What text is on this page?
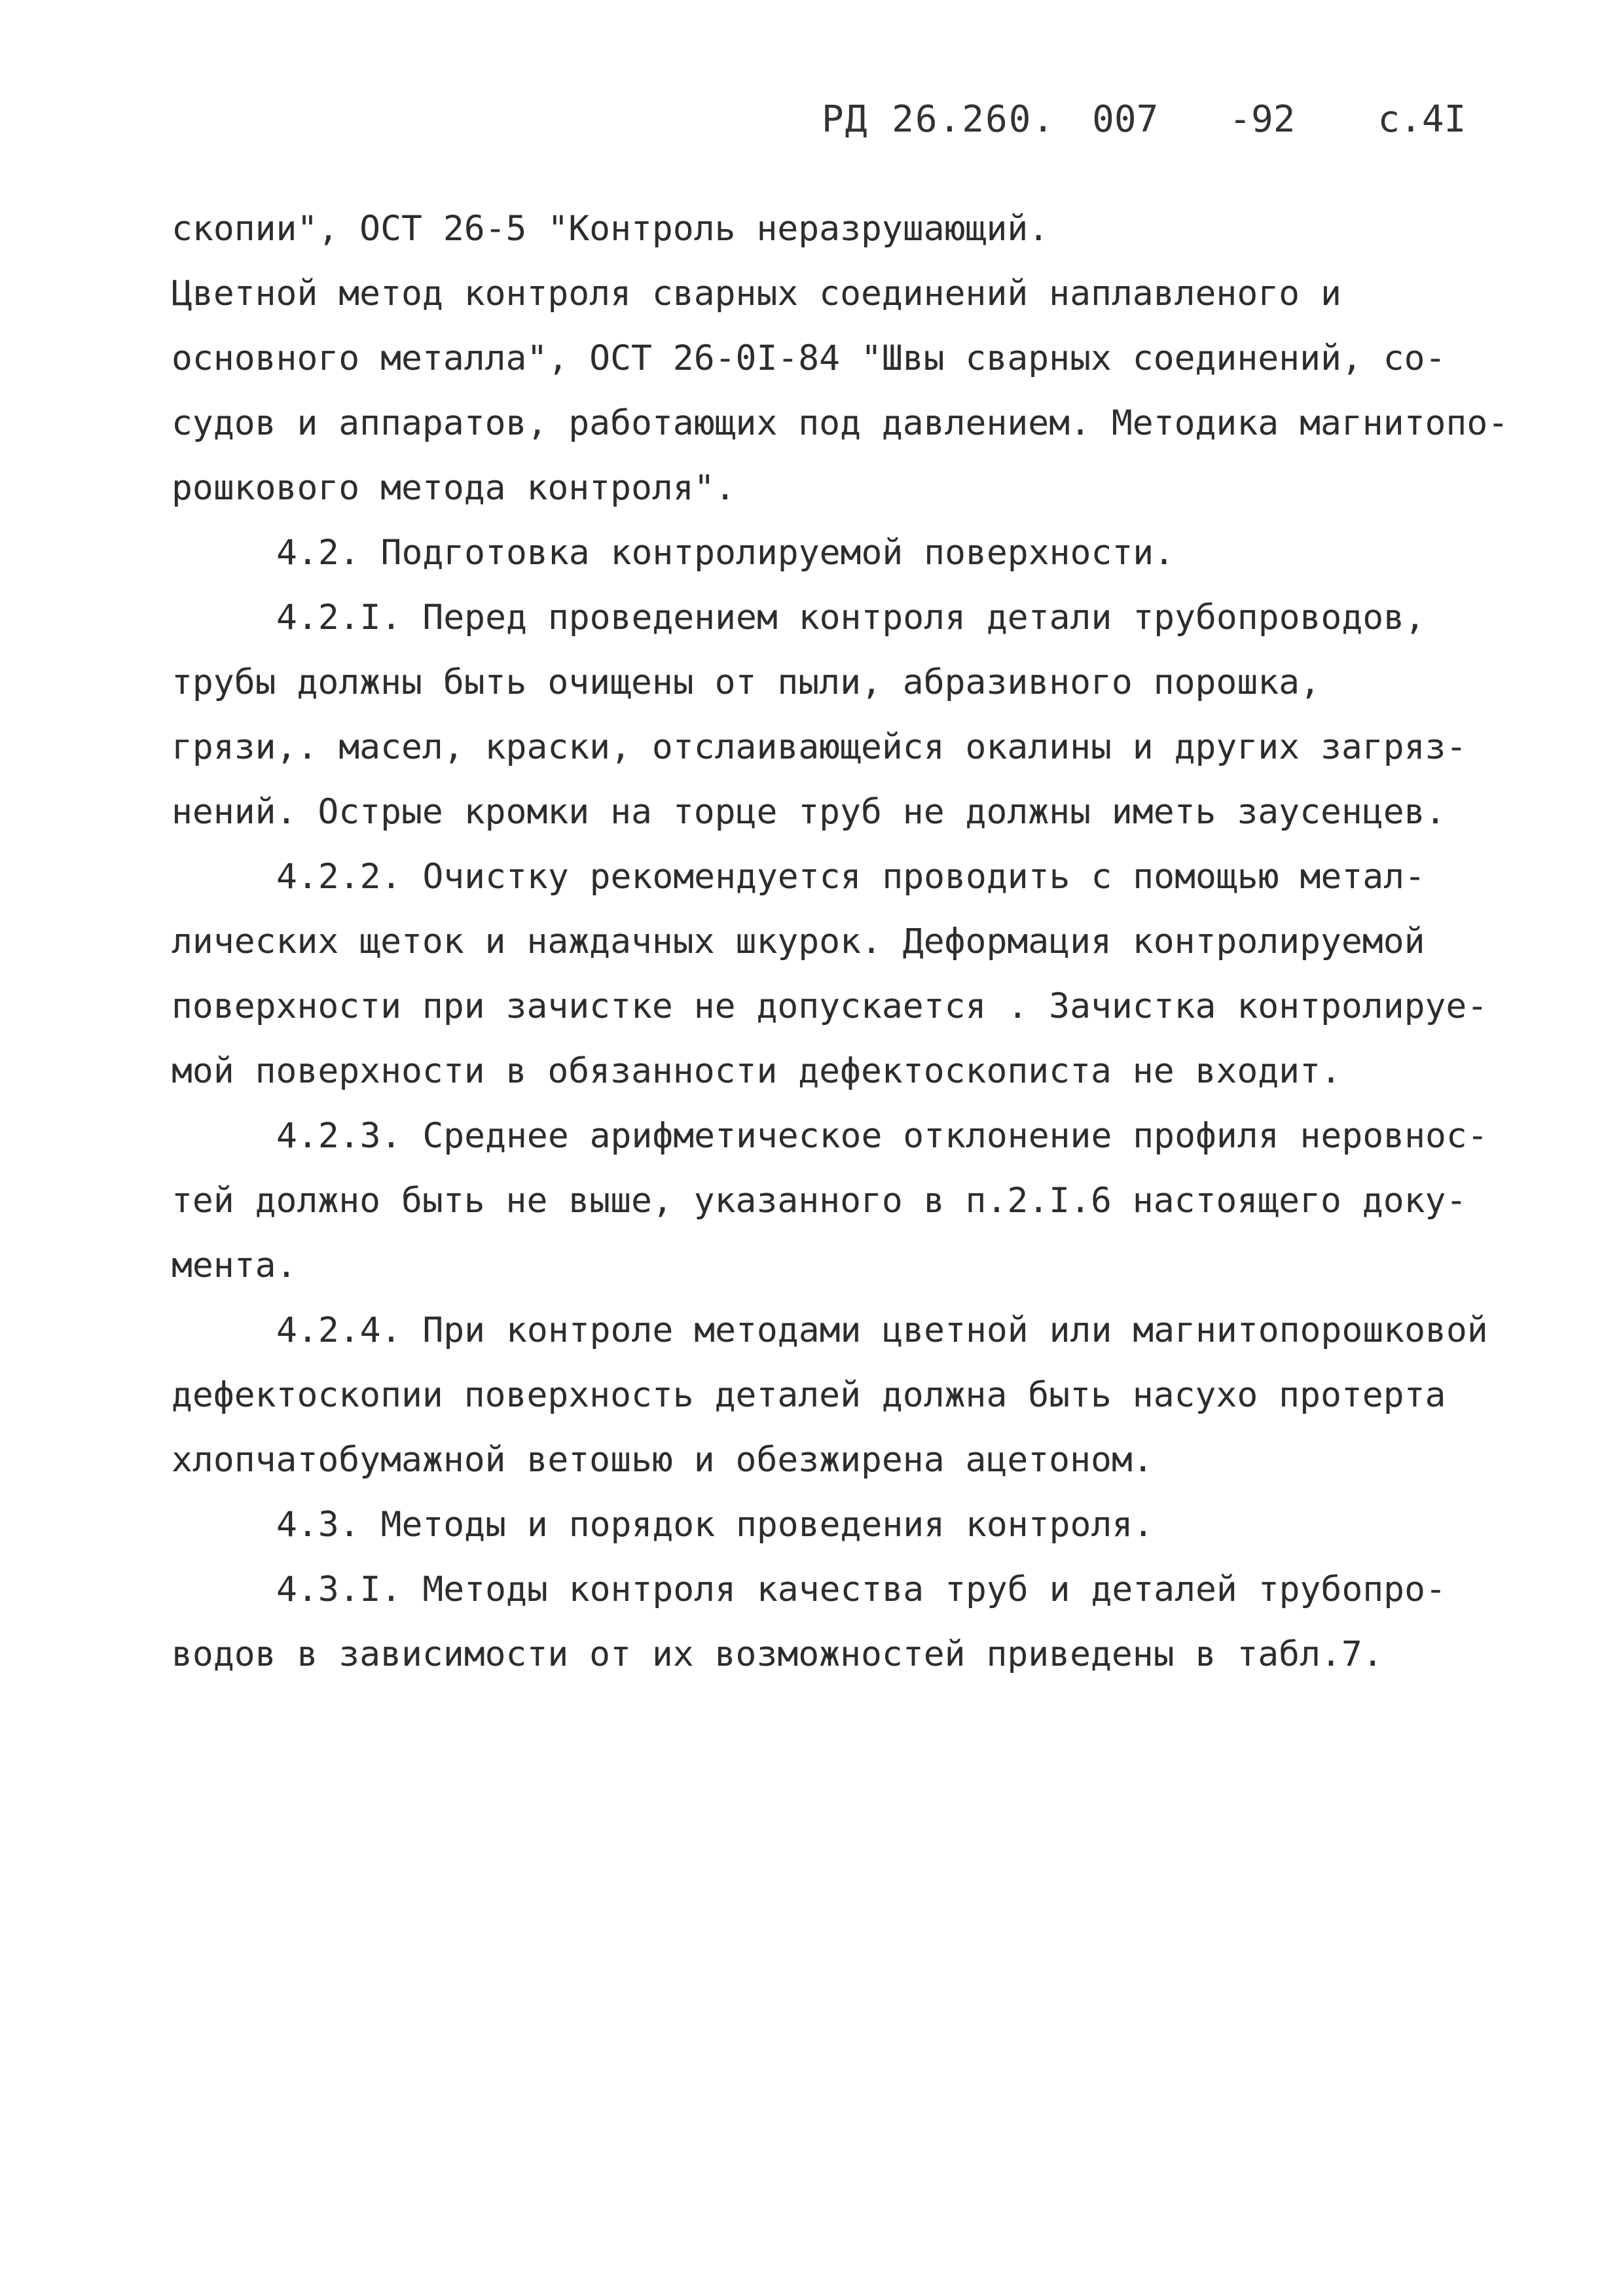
РД 26.260. 007 -92 с.4I
скопии", ОСТ 26-5 "Контроль неразрушающий.
Цветной метод контроля сварных соединений наплавленого и
основного металла", ОСТ 26-0I-84 "Швы сварных соединений, со-
судов и аппаратов, работающих под давлением. Методика магнитопо-
рошкового метода контроля".
4.2. Подготовка контролируемой поверхности.
4.2.I. Перед проведением контроля детали трубопроводов,
трубы должны быть очищены от пыли, абразивного порошка,
грязи,. масел, краски, отслаивающейся окалины и других загряз-
нений. Острые кромки на торце труб не должны иметь заусенцев.
4.2.2. Очистку рекомендуется проводить с помощью метал-
лических щеток и наждачных шкурок. Деформация контролируемой
поверхности при зачистке не допускается . Зачистка контролируе-
мой поверхности в обязанности дефектоскописта не входит.
4.2.3. Среднее арифметическое отклонение профиля неровнос-
тей должно быть не выше, указанного в п.2.I.6 настоящего доку-
мента.
4.2.4. При контроле методами цветной или магнитопорошковой
дефектоскопии поверхность деталей должна быть насухо протерта
хлопчатобумажной ветошью и обезжирена ацетоном.
4.3. Методы и порядок проведения контроля.
4.3.I. Методы контроля качества труб и деталей трубопро-
водов в зависимости от их возможностей приведены в табл.7.
